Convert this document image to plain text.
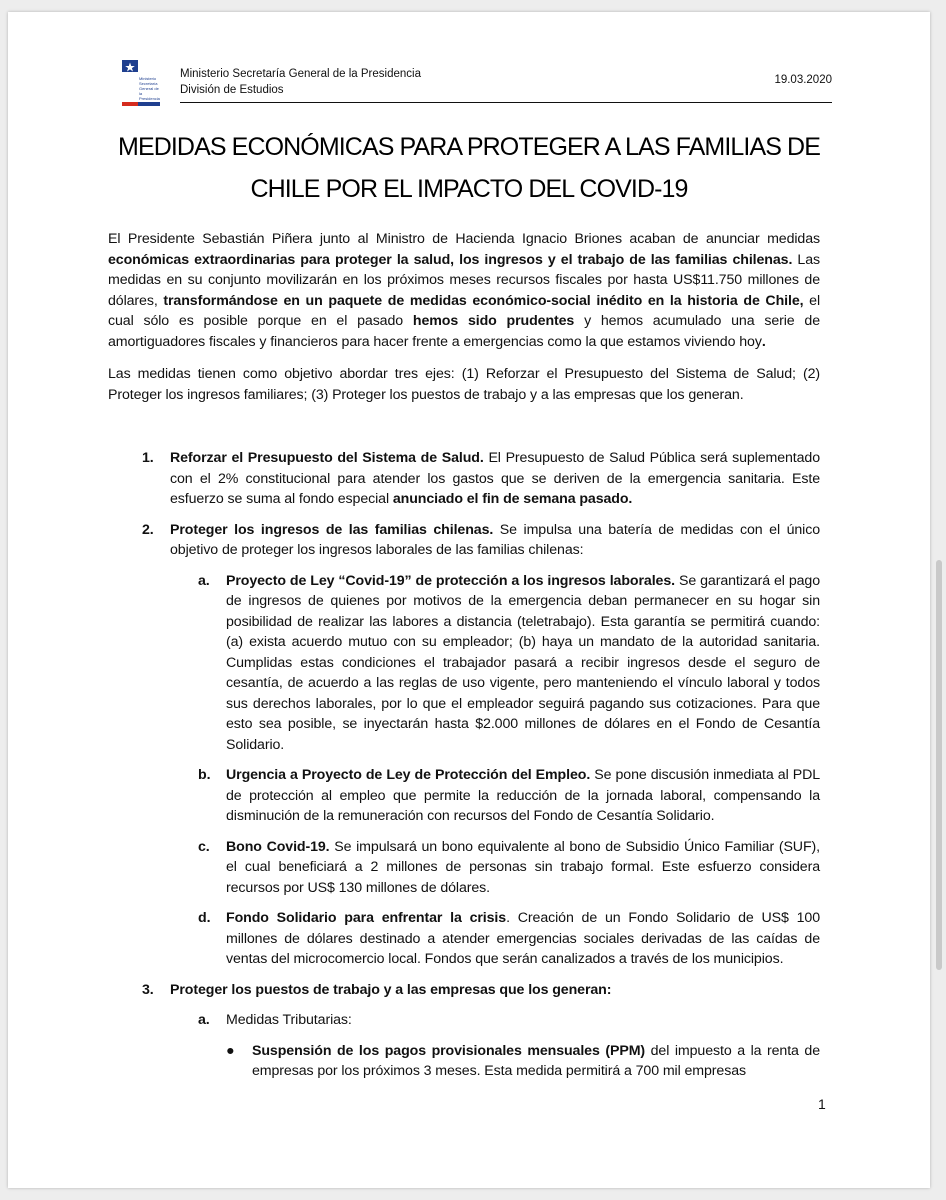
Ministerio Secretaría General de la Presidencia
Ministerio Secretaría General de la Presidencia
División de Estudios
19.03.2020
MEDIDAS ECONÓMICAS PARA PROTEGER A LAS FAMILIAS DE
CHILE POR EL IMPACTO DEL COVID-19

El Presidente Sebastián Piñera junto al Ministro de Hacienda Ignacio Briones acaban de anunciar medidas económicas extraordinarias para proteger la salud, los ingresos y el trabajo de las familias chilenas. Las medidas en su conjunto movilizarán en los próximos meses recursos fiscales por hasta US$11.750 millones de dólares, transformándose en un paquete de medidas económico-social inédito en la historia de Chile, el cual sólo es posible porque en el pasado hemos sido prudentes y hemos acumulado una serie de amortiguadores fiscales y financieros para hacer frente a emergencias como la que estamos viviendo hoy.

Las medidas tienen como objetivo abordar tres ejes: (1) Reforzar el Presupuesto del Sistema de Salud; (2) Proteger los ingresos familiares; (3) Proteger los puestos de trabajo y a las empresas que los generan.

1. Reforzar el Presupuesto del Sistema de Salud. El Presupuesto de Salud Pública será suplementado con el 2% constitucional para atender los gastos que se deriven de la emergencia sanitaria. Este esfuerzo se suma al fondo especial anunciado el fin de semana pasado.

2. Proteger los ingresos de las familias chilenas. Se impulsa una batería de medidas con el único objetivo de proteger los ingresos laborales de las familias chilenas:

a. Proyecto de Ley “Covid-19” de protección a los ingresos laborales. Se garantizará el pago de ingresos de quienes por motivos de la emergencia deban permanecer en su hogar sin posibilidad de realizar las labores a distancia (teletrabajo). Esta garantía se permitirá cuando: (a) exista acuerdo mutuo con su empleador; (b) haya un mandato de la autoridad sanitaria. Cumplidas estas condiciones el trabajador pasará a recibir ingresos desde el seguro de cesantía, de acuerdo a las reglas de uso vigente, pero manteniendo el vínculo laboral y todos sus derechos laborales, por lo que el empleador seguirá pagando sus cotizaciones. Para que esto sea posible, se inyectarán hasta $2.000 millones de dólares en el Fondo de Cesantía Solidario.

b. Urgencia a Proyecto de Ley de Protección del Empleo. Se pone discusión inmediata al PDL de protección al empleo que permite la reducción de la jornada laboral, compensando la disminución de la remuneración con recursos del Fondo de Cesantía Solidario.

c. Bono Covid-19. Se impulsará un bono equivalente al bono de Subsidio Único Familiar (SUF), el cual beneficiará a 2 millones de personas sin trabajo formal. Este esfuerzo considera recursos por US$ 130 millones de dólares.

d. Fondo Solidario para enfrentar la crisis. Creación de un Fondo Solidario de US$ 100 millones de dólares destinado a atender emergencias sociales derivadas de las caídas de ventas del microcomercio local. Fondos que serán canalizados a través de los municipios.

3. Proteger los puestos de trabajo y a las empresas que los generan:

a. Medidas Tributarias:

● Suspensión de los pagos provisionales mensuales (PPM) del impuesto a la renta de empresas por los próximos 3 meses. Esta medida permitirá a 700 mil empresas

1
